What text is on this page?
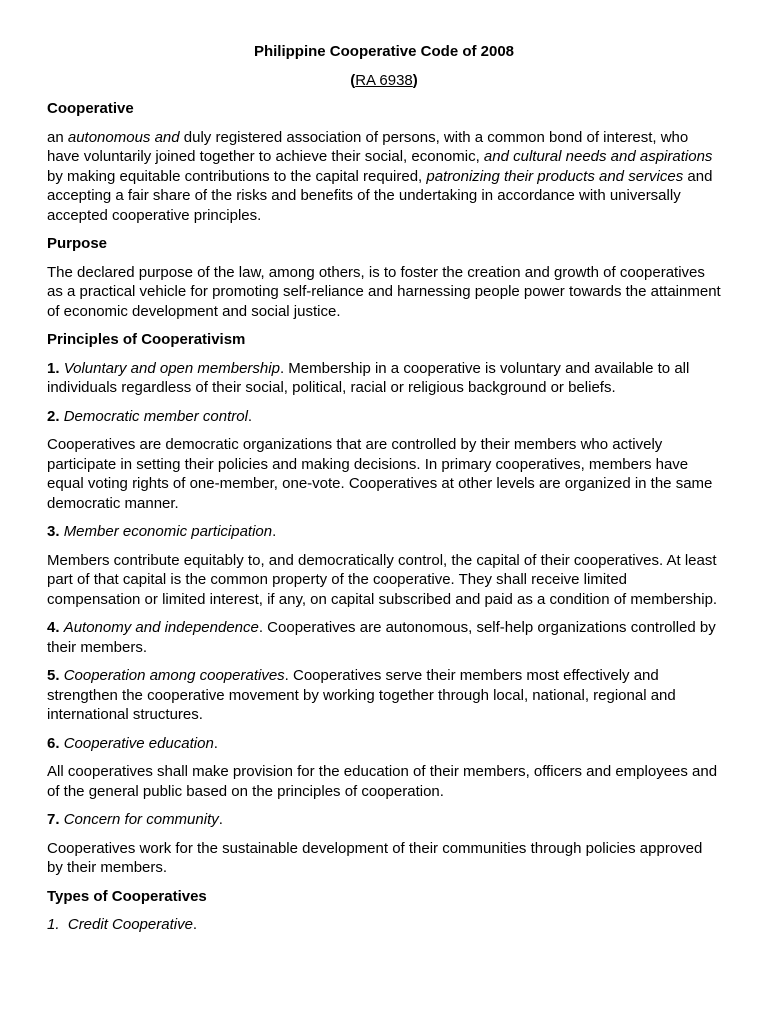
Philippine Cooperative Code of 2008
(RA 6938)
Cooperative

an autonomous and duly registered association of persons, with a common bond of interest, who have voluntarily joined together to achieve their social, economic, and cultural needs and aspirations by making equitable contributions to the capital required, patronizing their products and services and accepting a fair share of the risks and benefits of the undertaking in accordance with universally accepted cooperative principles.

Purpose

The declared purpose of the law, among others, is to foster the creation and growth of cooperatives as a practical vehicle for promoting self-reliance and harnessing people power towards the attainment of economic development and social justice.

Principles of Cooperativism

1. Voluntary and open membership. Membership in a cooperative is voluntary and available to all individuals regardless of their social, political, racial or religious background or beliefs.

2. Democratic member control.

Cooperatives are democratic organizations that are controlled by their members who actively participate in setting their policies and making decisions. In primary cooperatives, members have equal voting rights of one-member, one-vote. Cooperatives at other levels are organized in the same democratic manner.

3. Member economic participation.

Members contribute equitably to, and democratically control, the capital of their cooperatives. At least part of that capital is the common property of the cooperative. They shall receive limited compensation or limited interest, if any, on capital subscribed and paid as a condition of membership.

4. Autonomy and independence. Cooperatives are autonomous, self-help organizations controlled by their members.

5. Cooperation among cooperatives. Cooperatives serve their members most effectively and strengthen the cooperative movement by working together through local, national, regional and international structures.

6. Cooperative education.

All cooperatives shall make provision for the education of their members, officers and employees and of the general public based on the principles of cooperation.

7. Concern for community.

Cooperatives work for the sustainable development of their communities through policies approved by their members.

Types of Cooperatives

1. Credit Cooperative.
